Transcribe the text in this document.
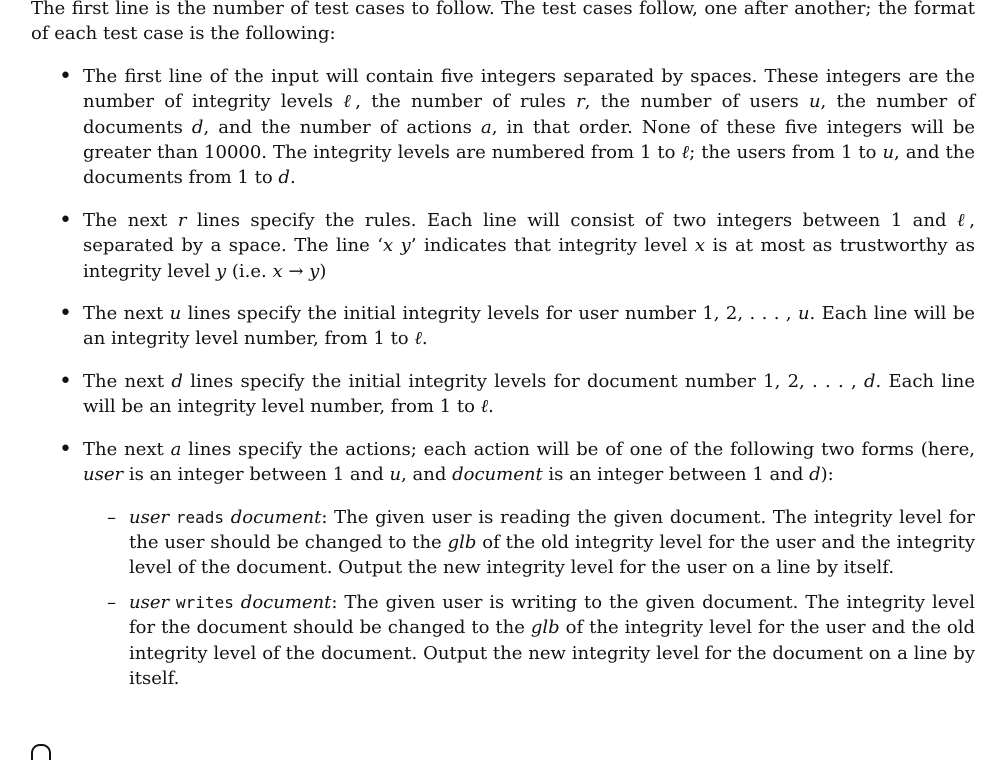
The first line is the number of test cases to follow. The test cases follow, one after another; the format of each test case is the following:

• The first line of the input will contain five integers separated by spaces. These integers are the number of integrity levels ℓ, the number of rules r, the number of users u, the number of documents d, and the number of actions a, in that order. None of these five integers will be greater than 10000. The integrity levels are numbered from 1 to ℓ; the users from 1 to u, and the documents from 1 to d.
• The next r lines specify the rules. Each line will consist of two integers between 1 and ℓ, separated by a space. The line ‘x y’ indicates that integrity level x is at most as trustworthy as integrity level y (i.e. x → y)
• The next u lines specify the initial integrity levels for user number 1, 2, . . . , u. Each line will be an integrity level number, from 1 to ℓ.
• The next d lines specify the initial integrity levels for document number 1, 2, . . . , d. Each line will be an integrity level number, from 1 to ℓ.
• The next a lines specify the actions; each action will be of one of the following two forms (here, user is an integer between 1 and u, and document is an integer between 1 and d):
– user reads document: The given user is reading the given document. The integrity level for the user should be changed to the glb of the old integrity level for the user and the integrity level of the document. Output the new integrity level for the user on a line by itself.
– user writes document: The given user is writing to the given document. The integrity level for the document should be changed to the glb of the integrity level for the user and the old integrity level of the document. Output the new integrity level for the document on a line by itself.
